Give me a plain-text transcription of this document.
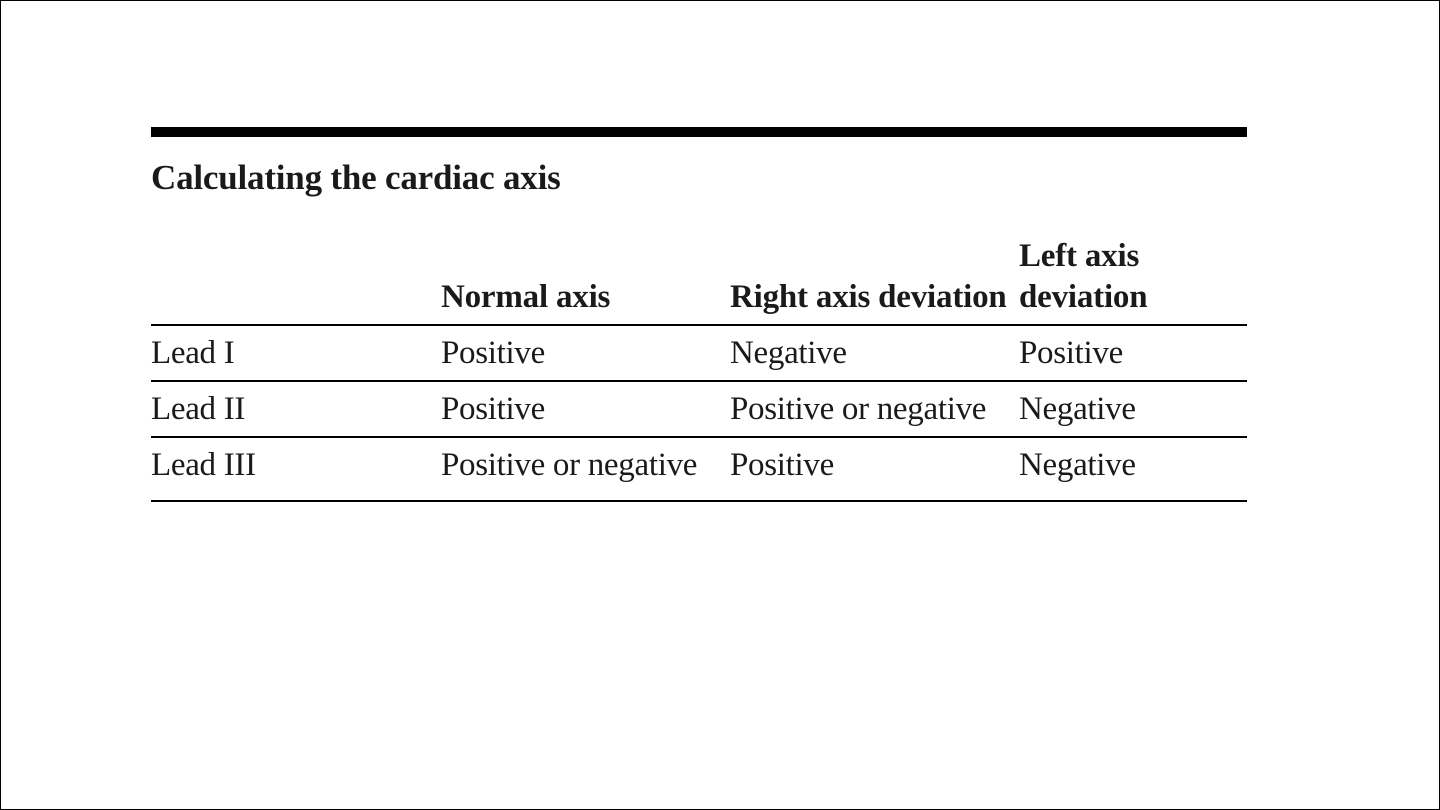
Calculating the cardiac axis
	Normal axis	Right axis deviation	Left axis deviation
Lead I	Positive	Negative	Positive
Lead II	Positive	Positive or negative	Negative
Lead III	Positive or negative	Positive	Negative
